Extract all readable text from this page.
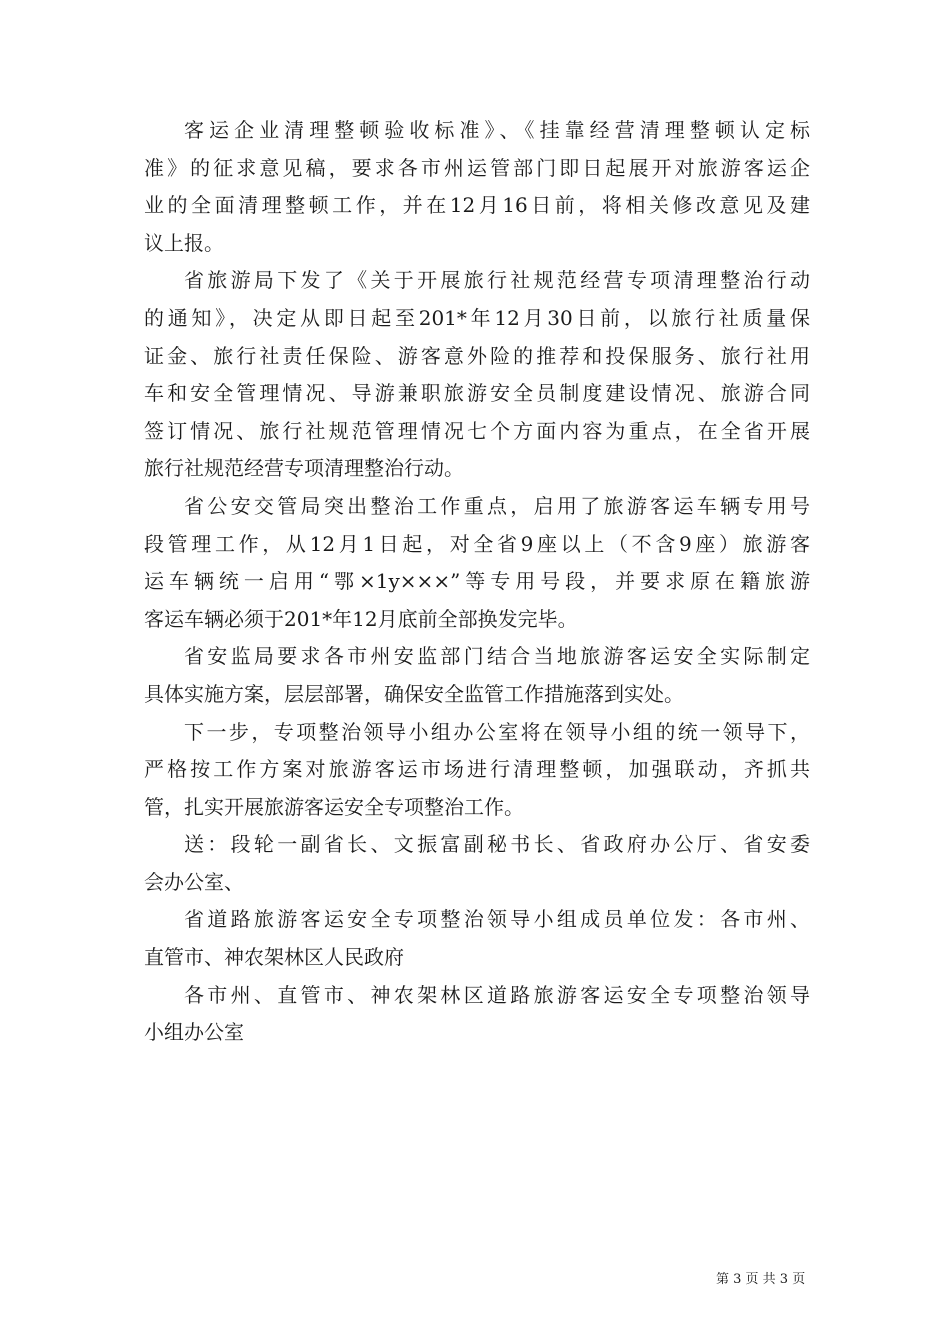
客运企业清理整顿验收标准》、《挂靠经营清理整顿认定标
准》的征求意见稿，要求各市州运管部门即日起展开对旅游客运企
业的全面清理整顿工作，并在12月16日前，将相关修改意见及建
议上报。
省旅游局下发了《关于开展旅行社规范经营专项清理整治行动
的通知》，决定从即日起至201*年12月30日前，以旅行社质量保
证金、旅行社责任保险、游客意外险的推荐和投保服务、旅行社用
车和安全管理情况、导游兼职旅游安全员制度建设情况、旅游合同
签订情况、旅行社规范管理情况七个方面内容为重点，在全省开展
旅行社规范经营专项清理整治行动。
省公安交管局突出整治工作重点，启用了旅游客运车辆专用号
段管理工作，从12月1日起，对全省9座以上（不含9座）旅游客
运车辆统一启用“鄂×1y×××”等专用号段，并要求原在籍旅游
客运车辆必须于201*年12月底前全部换发完毕。
省安监局要求各市州安监部门结合当地旅游客运安全实际制定
具体实施方案，层层部署，确保安全监管工作措施落到实处。
下一步，专项整治领导小组办公室将在领导小组的统一领导下，
严格按工作方案对旅游客运市场进行清理整顿，加强联动，齐抓共
管，扎实开展旅游客运安全专项整治工作。
送：段轮一副省长、文振富副秘书长、省政府办公厅、省安委
会办公室、
省道路旅游客运安全专项整治领导小组成员单位发：各市州、
直管市、神农架林区人民政府
各市州、直管市、神农架林区道路旅游客运安全专项整治领导
小组办公室
第 3 页 共 3 页
